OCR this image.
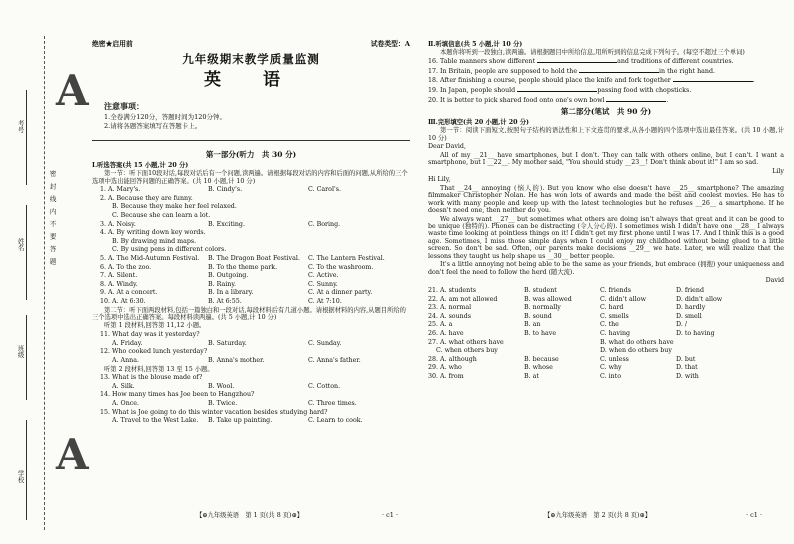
A
A
密 封 线 内 不 要 答 题
考号
姓名
班级
学校
绝密★启用前	试卷类型：A
九年级期末教学质量监测
英 语
注意事项：

1.全卷满分120分，答题时间为120分钟。

2.请将各题答案填写在答题卡上。

第一部分(听力　共 30 分)
Ⅰ.听选答案(共 15 小题,计 20 分)
第一节：听下面10段对话,每段对话后有一个问题,读两遍。请根据每段对话的内容和后面的问题,从所给的三个选项中选出能回答问题的正确答案。(共 10 小题,计 10 分)
1. A. Mary's.	B. Cindy's.	C. Carol's.
2. A. Because they are funny.
B. Because they make her feel relaxed.
C. Because she can learn a lot.
3. A. Noisy.	B. Exciting.	C. Boring.
4. A. By writing down key words.
B. By drawing mind maps.
C. By using pens in different colors.
5. A. The Mid-Autumn Festival.	B. The Dragon Boat Festival.	C. The Lantern Festival.
6. A. To the zoo.	B. To the theme park.	C. To the washroom.
7. A. Silent.	B. Outgoing.	C. Active.
8. A. Windy.	B. Rainy.	C. Sunny.
9. A. At a concert.	B. In a library.	C. At a dinner party.
10. A. At 6:30.	B. At 6:55.	C. At 7:10.
第二节：听下面两段材料,包括一篇独白和一段对话,每段材料后有几道小题。请根据材料的内容,从题目所给的三个选项中选出正确答案。每段材料读两遍。(共 5 小题,计 10 分)
听第 1 段材料,回答第 11,12 小题。
11. What day was it yesterday?
A. Friday.	B. Saturday.	C. Sunday.
12. Who cooked lunch yesterday?
A. Anna.	B. Anna's mother.	C. Anna's father.
听第 2 段材料,回答第 13 至 15 小题。
13. What is the blouse made of?
A. Silk.	B. Wool.	C. Cotton.
14. How many times has Joe been to Hangzhou?
A. Once.	B. Twice.	C. Three times.
15. What is Joe going to do this winter vacation besides studying hard?
A. Travel to the West Lake.	B. Take up painting.	C. Learn to cook.
【⊕九年级英语　第 1 页(共 8 页)⊕】	· c1 ·
Ⅱ.听填信息(共 5 小题,计 10 分)
本题你将听到一段独白,读两遍。请根据题目中所给信息,用所听到的信息完成下列句子。(每空不超过三个单词)
16. Table manners show different	and traditions of different countries.
17. In Britain, people are supposed to hold the	in the right hand.
18. After finishing a course, people should place the knife and fork together	.
19. In Japan, people should	passing food with chopsticks.
20. It is better to pick shared food onto one's own bowl	.
第二部分(笔试　共 90 分)
Ⅲ.完形填空(共 20 小题,计 20 分)
第一节：阅读下面短文,按照句子结构的语法性和上下文连贯的要求,从各小题的四个选项中选出最佳答案。(共 10 小题,计 10 分)
Dear David,
All of my __21__ have smartphones, but I don't. They can talk with others online, but I can't. I want a smartphone, but I __22__. My mother said, "You should study __23__! Don't think about it!" I am so sad.
Lily
Hi Lily,
That __24__ annoying (恼人的). But you know who else doesn't have __25__ smartphone? The amazing filmmaker Christopher Nolan. He has won lots of awards and made the best and coolest movies. He has to work with many people and keep up with the latest technologies but he refuses __26__ a smartphone. If he doesn't need one, then neither do you.
We always want __27__ but sometimes what others are doing isn't always that great and it can be good to be unique (独特的). Phones can be distracting (令人分心的). I sometimes wish I didn't have one __28__ I always waste time looking at pointless things on it! I didn't get my first phone until I was 17. And I think this is a good age. Sometimes, I miss those simple days when I could enjoy my childhood without being glued to a little screen. So don't be sad. Often, our parents make decisions __29__ we hate. Later, we will realize that the lessons they taught us help shape us __30__ better people.
It's a little annoying not being able to be the same as your friends, but embrace (拥抱) your uniqueness and don't feel the need to follow the herd (随大流).
David
21. A. students	B. student	C. friends	D. friend
22. A. am not allowed	B. was allowed	C. didn't allow	D. didn't allow
23. A. normal	B. normally	C. hard	D. hardly
24. A. sounds	B. sound	C. smells	D. smell
25. A. a	B. an	C. the	D. /
26. A. have	B. to have	C. having	D. to having
27. A. what others have	B. what do others have
C. when others buy	D. when do others buy
28. A. although	B. because	C. unless	D. but
29. A. who	B. whose	C. why	D. that
30. A. from	B. at	C. into	D. with
【⊕九年级英语　第 2 页(共 8 页)⊕】	· c1 ·
